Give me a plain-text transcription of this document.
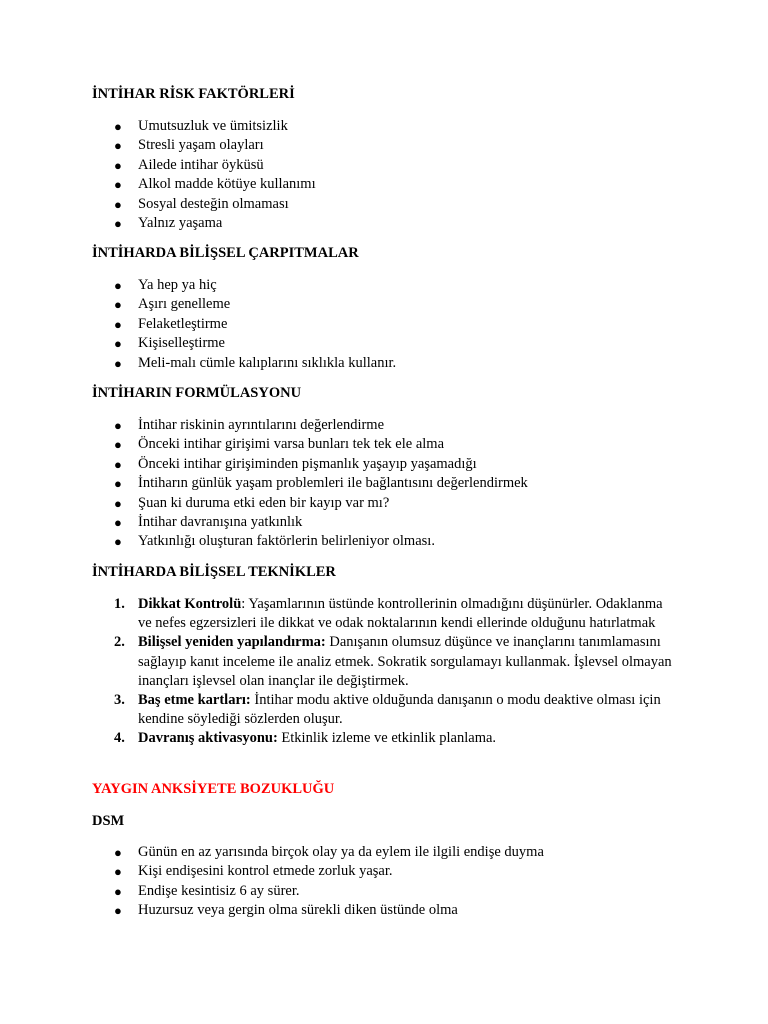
İNTİHAR RİSK FAKTÖRLERİ
● Umutsuzluk ve ümitsizlik
● Stresli yaşam olayları
● Ailede intihar öyküsü
● Alkol madde kötüye kullanımı
● Sosyal desteğin olmaması
● Yalnız yaşama
İNTİHARDA BİLİŞSEL ÇARPITMALAR
● Ya hep ya hiç
● Aşırı genelleme
● Felaketleştirme
● Kişiselleştirme
● Meli-malı cümle kalıplarını sıklıkla kullanır.
İNTİHARIN FORMÜLASYONU
● İntihar riskinin ayrıntılarını değerlendirme
● Önceki intihar girişimi varsa bunları tek tek ele alma
● Önceki intihar girişiminden pişmanlık yaşayıp yaşamadığı
● İntiharın günlük yaşam problemleri ile bağlantısını değerlendirmek
● Şuan ki duruma etki eden bir kayıp var mı?
● İntihar davranışına yatkınlık
● Yatkınlığı oluşturan faktörlerin belirleniyor olması.
İNTİHARDA BİLİŞSEL TEKNİKLER
1. Dikkat Kontrolü: Yaşamlarının üstünde kontrollerinin olmadığını düşünürler. Odaklanma ve nefes egzersizleri ile dikkat ve odak noktalarının kendi ellerinde olduğunu hatırlatmak
2. Bilişsel yeniden yapılandırma: Danışanın olumsuz düşünce ve inançlarını tanımlamasını sağlayıp kanıt inceleme ile analiz etmek. Sokratik sorgulamayı kullanmak. İşlevsel olmayan inançları işlevsel olan inançlar ile değiştirmek.
3. Baş etme kartları: İntihar modu aktive olduğunda danışanın o modu deaktive olması için kendine söylediği sözlerden oluşur.
4. Davranış aktivasyonu: Etkinlik izleme ve etkinlik planlama.
YAYGIN ANKSİYETE BOZUKLUĞU
DSM
● Günün en az yarısında birçok olay ya da eylem ile ilgili endişe duyma
● Kişi endişesini kontrol etmede zorluk yaşar.
● Endişe kesintisiz 6 ay sürer.
● Huzursuz veya gergin olma sürekli diken üstünde olma
